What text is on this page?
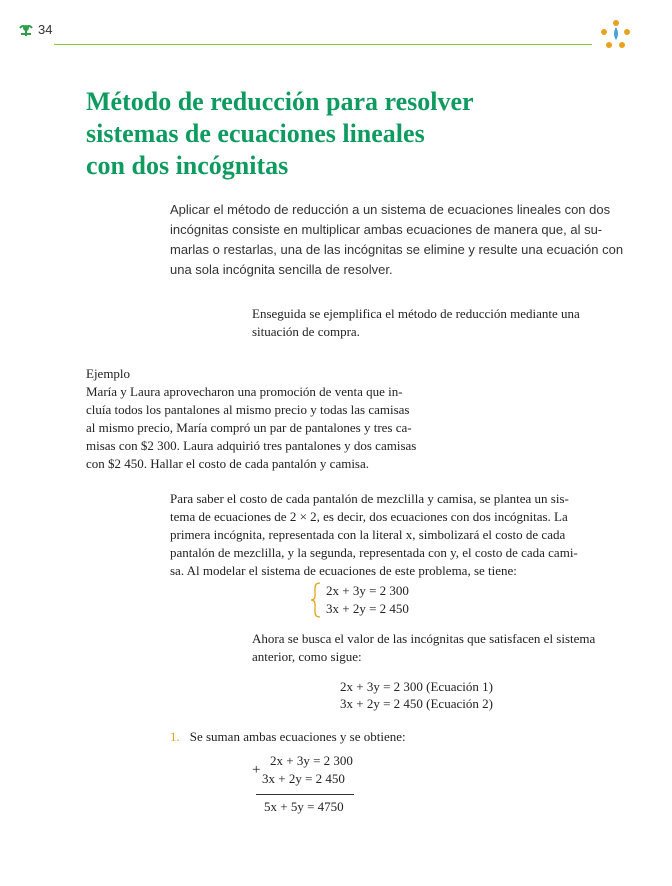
34
Método de reducción para resolver
sistemas de ecuaciones lineales
con dos incógnitas
Aplicar el método de reducción a un sistema de ecuaciones lineales con dos
incógnitas consiste en multiplicar ambas ecuaciones de manera que, al su-
marlas o restarlas, una de las incógnitas se elimine y resulte una ecuación con
una sola incógnita sencilla de resolver.
Enseguida se ejemplifica el método de reducción mediante una
situación de compra.
Ejemplo
María y Laura aprovecharon una promoción de venta que in-
cluía todos los pantalones al mismo precio y todas las camisas
al mismo precio, María compró un par de pantalones y tres ca-
misas con $2 300. Laura adquirió tres pantalones y dos camisas
con $2 450. Hallar el costo de cada pantalón y camisa.
Para saber el costo de cada pantalón de mezclilla y camisa, se plantea un sis-
tema de ecuaciones de 2 × 2, es decir, dos ecuaciones con dos incógnitas. La
primera incógnita, representada con la literal x, simbolizará el costo de cada
pantalón de mezclilla, y la segunda, representada con y, el costo de cada cami-
sa. Al modelar el sistema de ecuaciones de este problema, se tiene:
2x + 3y = 2 300
3x + 2y = 2 450
Ahora se busca el valor de las incógnitas que satisfacen el sistema
anterior, como sigue:
2x + 3y = 2 300 (Ecuación 1)
3x + 2y = 2 450 (Ecuación 2)
1. Se suman ambas ecuaciones y se obtiene:
+
2x + 3y = 2 300
3x + 2y = 2 450
5x + 5y = 4750
